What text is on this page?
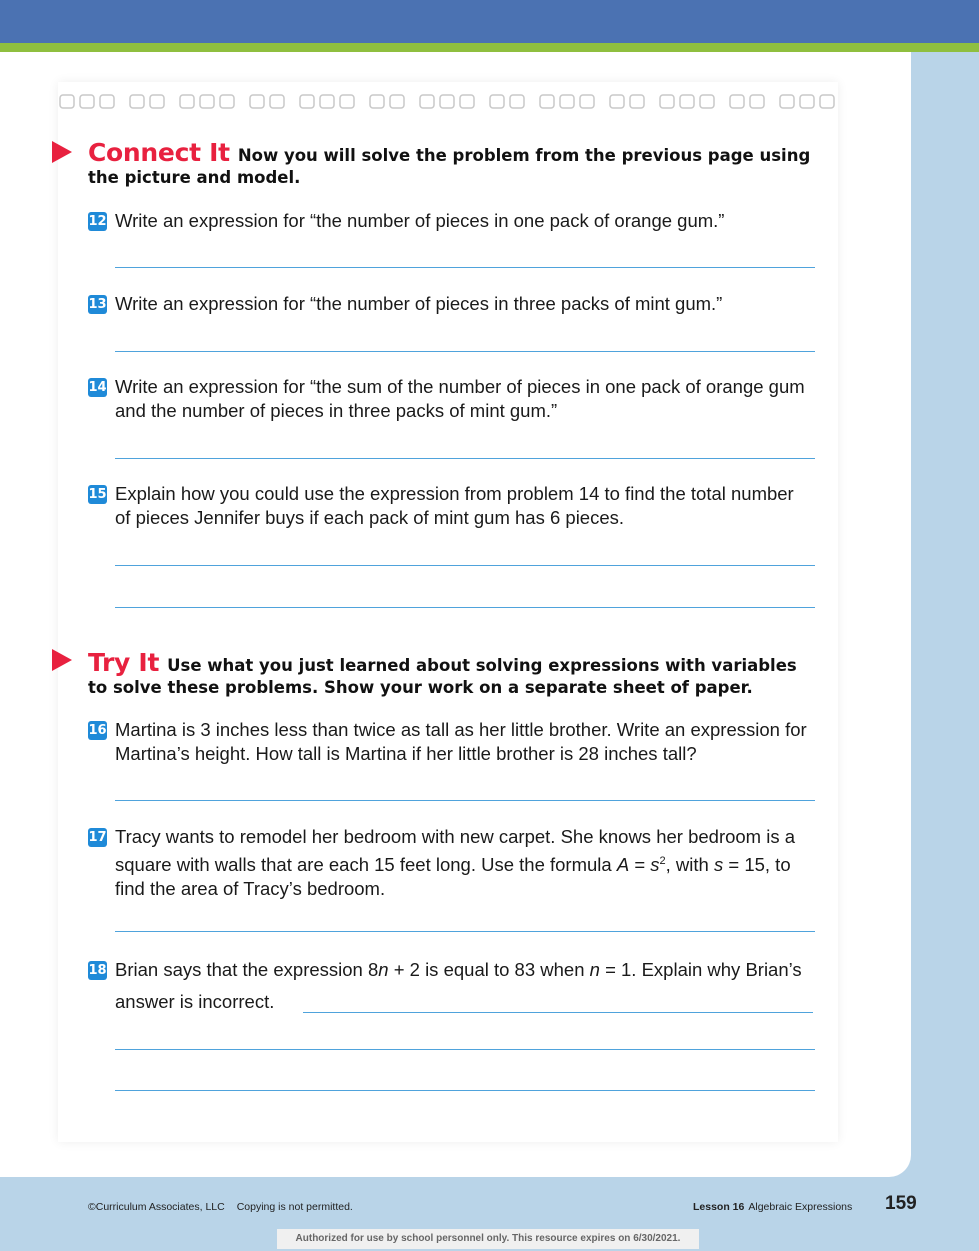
Connect It Now you will solve the problem from the previous page using the picture and model.
12 Write an expression for “the number of pieces in one pack of orange gum.”
13 Write an expression for “the number of pieces in three packs of mint gum.”
14 Write an expression for “the sum of the number of pieces in one pack of orange gum and the number of pieces in three packs of mint gum.”
15 Explain how you could use the expression from problem 14 to find the total number of pieces Jennifer buys if each pack of mint gum has 6 pieces.
Try It Use what you just learned about solving expressions with variables to solve these problems. Show your work on a separate sheet of paper.
16 Martina is 3 inches less than twice as tall as her little brother. Write an expression for Martina’s height. How tall is Martina if her little brother is 28 inches tall?
17 Tracy wants to remodel her bedroom with new carpet. She knows her bedroom is a square with walls that are each 15 feet long. Use the formula $A = s^2$, with s = 15, to find the area of Tracy’s bedroom.
18 Brian says that the expression 8n + 2 is equal to 83 when n = 1. Explain why Brian’s
answer is incorrect.
©Curriculum Associates, LLC Copying is not permitted.	Lesson 16 Algebraic Expressions 159
Authorized for use by school personnel only. This resource expires on 6/30/2021.
